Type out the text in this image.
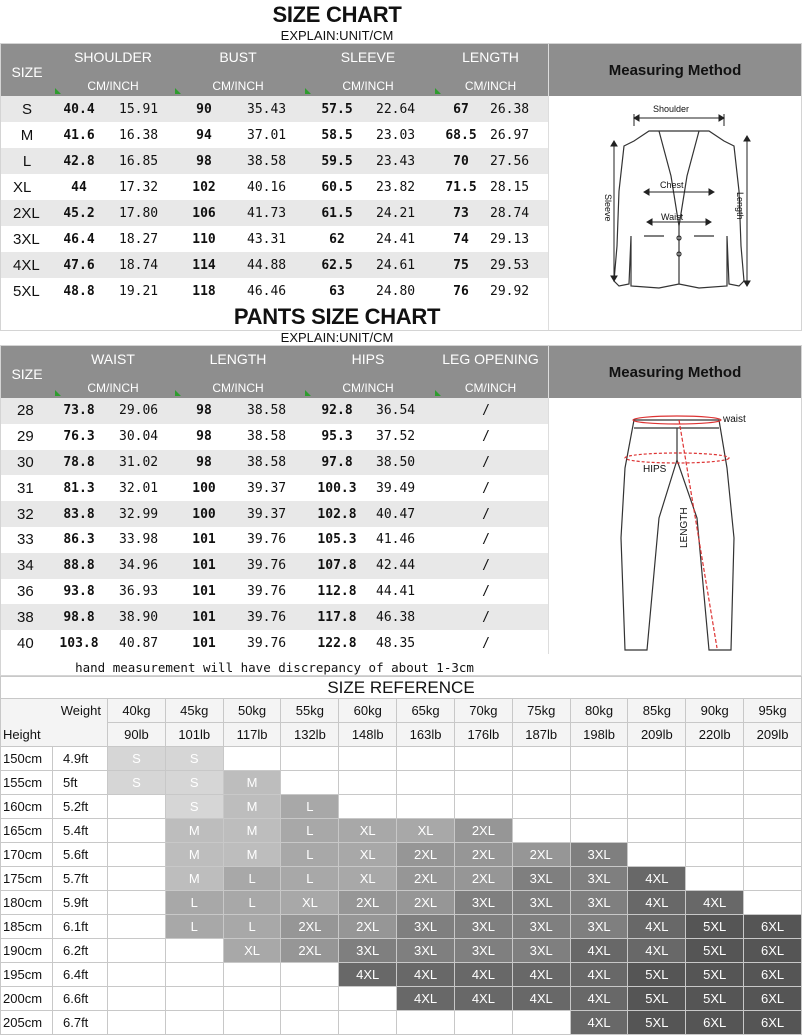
SIZE CHART
EXPLAIN:UNIT/CM
SIZE
SHOULDER
CM/INCH
BUST
CM/INCH
SLEEVE
CM/INCH
LENGTH
CM/INCH
S	40.4	15.91	90	35.43	57.5	22.64	67	26.38
M	41.6	16.38	94	37.01	58.5	23.03	68.5	26.97
L	42.8	16.85	98	38.58	59.5	23.43	70	27.56
XL	44	17.32	102	40.16	60.5	23.82	71.5	28.15
2XL	45.2	17.80	106	41.73	61.5	24.21	73	28.74
3XL	46.4	18.27	110	43.31	62	24.41	74	29.13
4XL	47.6	18.74	114	44.88	62.5	24.61	75	29.53
5XL	48.8	19.21	118	46.46	63	24.80	76	29.92
Measuring Method
Shoulder
Chest
Waist
Sleeve	Length
PANTS SIZE CHART
EXPLAIN:UNIT/CM
SIZE
WAIST
CM/INCH
LENGTH
CM/INCH
HIPS
CM/INCH
LEG OPENING
CM/INCH
28	73.8	29.06	98	38.58	92.8	36.54	/
29	76.3	30.04	98	38.58	95.3	37.52	/
30	78.8	31.02	98	38.58	97.8	38.50	/
31	81.3	32.01	100	39.37	100.3	39.49	/
32	83.8	32.99	100	39.37	102.8	40.47	/
33	86.3	33.98	101	39.76	105.3	41.46	/
34	88.8	34.96	101	39.76	107.8	42.44	/
36	93.8	36.93	101	39.76	112.8	44.41	/
38	98.8	38.90	101	39.76	117.8	46.38	/
40	103.8	40.87	101	39.76	122.8	48.35	/
hand measurement will have discrepancy of about 1-3cm
Measuring Method
waist
HIPS
LENGTH
SIZE REFERENCE													
Weight		40kg	45kg	50kg	55kg	60kg	65kg	70kg	75kg	80kg	85kg	90kg	95kg
Height		90lb	101lb	117lb	132lb	148lb	163lb	176lb	187lb	198lb	209lb	220lb	209lb
150cm	4.9ft	S	S										
155cm	5ft	S	S	M									
160cm	5.2ft		S	M	L								
165cm	5.4ft		M	M	L	XL	XL	2XL					
170cm	5.6ft		M	M	L	XL	2XL	2XL	2XL	3XL			
175cm	5.7ft		M	L	L	XL	2XL	2XL	3XL	3XL	4XL		
180cm	5.9ft		L	L	XL	2XL	2XL	3XL	3XL	3XL	4XL	4XL	
185cm	6.1ft		L	L	2XL	2XL	3XL	3XL	3XL	3XL	4XL	5XL	6XL
190cm	6.2ft			XL	2XL	3XL	3XL	3XL	3XL	4XL	4XL	5XL	6XL
195cm	6.4ft					4XL	4XL	4XL	4XL	4XL	5XL	5XL	6XL
200cm	6.6ft						4XL	4XL	4XL	4XL	5XL	5XL	6XL
205cm	6.7ft									4XL	5XL	6XL	6XL
